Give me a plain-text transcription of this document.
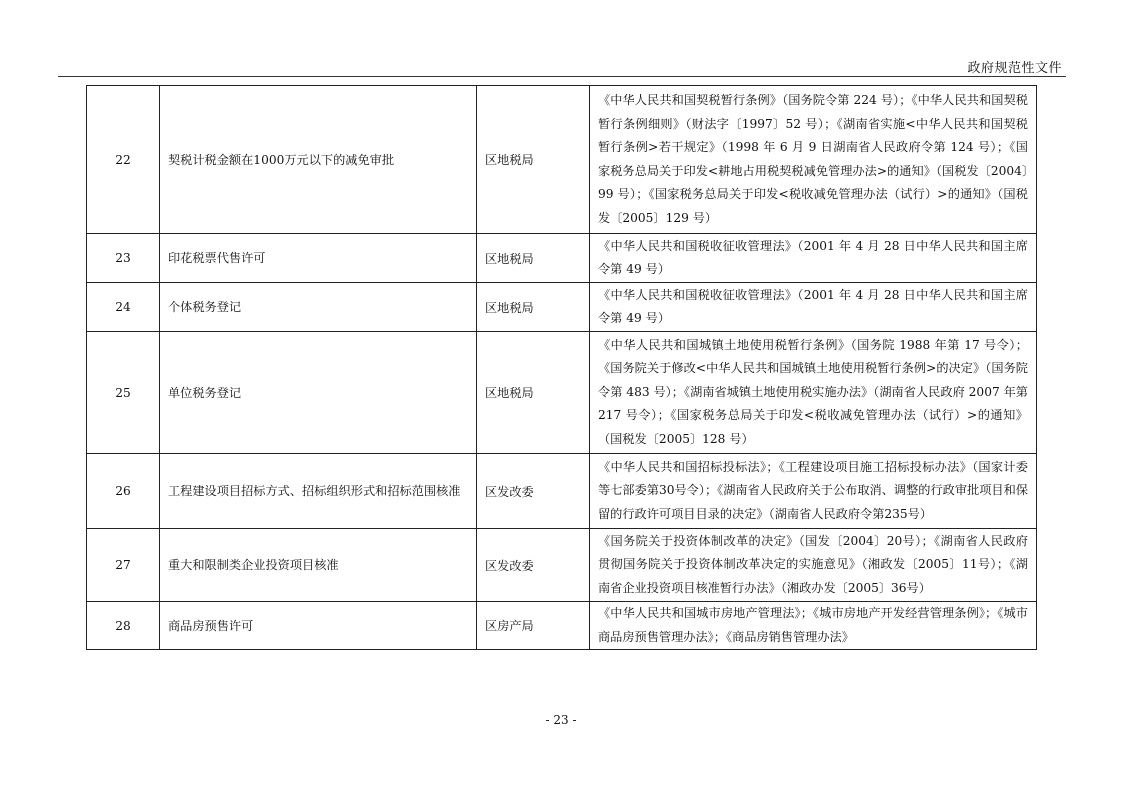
政府规范性文件
22	契税计税金额在1000万元以下的减免审批	区地税局	《中华人民共和国契税暂行条例》（国务院令第 224 号）；《中华人民共和国契税暂行条例细则》（财法字〔1997〕52 号）；《湖南省实施<中华人民共和国契税暂行条例>若干规定》（1998 年 6 月 9 日湖南省人民政府令第 124 号）；《国家税务总局关于印发<耕地占用税契税减免管理办法>的通知》（国税发〔2004〕99 号）；《国家税务总局关于印发<税收减免管理办法（试行）>的通知》（国税发〔2005〕129 号）
23	印花税票代售许可	区地税局	《中华人民共和国税收征收管理法》（2001 年 4 月 28 日中华人民共和国主席令第 49 号）
24	个体税务登记	区地税局	《中华人民共和国税收征收管理法》（2001 年 4 月 28 日中华人民共和国主席令第 49 号）
25	单位税务登记	区地税局	《中华人民共和国城镇土地使用税暂行条例》（国务院 1988 年第 17 号令）；《国务院关于修改<中华人民共和国城镇土地使用税暂行条例>的决定》（国务院令第 483 号）；《湖南省城镇土地使用税实施办法》（湖南省人民政府 2007 年第 217 号令）；《国家税务总局关于印发<税收减免管理办法（试行）>的通知》（国税发〔2005〕128 号）
26	工程建设项目招标方式、招标组织形式和招标范围核准	区发改委	《中华人民共和国招标投标法》；《工程建设项目施工招标投标办法》（国家计委等七部委第30号令）；《湖南省人民政府关于公布取消、调整的行政审批项目和保留的行政许可项目目录的决定》（湖南省人民政府令第235号）
27	重大和限制类企业投资项目核准	区发改委	《国务院关于投资体制改革的决定》（国发〔2004〕20号）；《湖南省人民政府贯彻国务院关于投资体制改革决定的实施意见》（湘政发〔2005〕11号）；《湖南省企业投资项目核准暂行办法》（湘政办发〔2005〕36号）
28	商品房预售许可	区房产局	《中华人民共和国城市房地产管理法》；《城市房地产开发经营管理条例》；《城市商品房预售管理办法》；《商品房销售管理办法》
- 23 -
